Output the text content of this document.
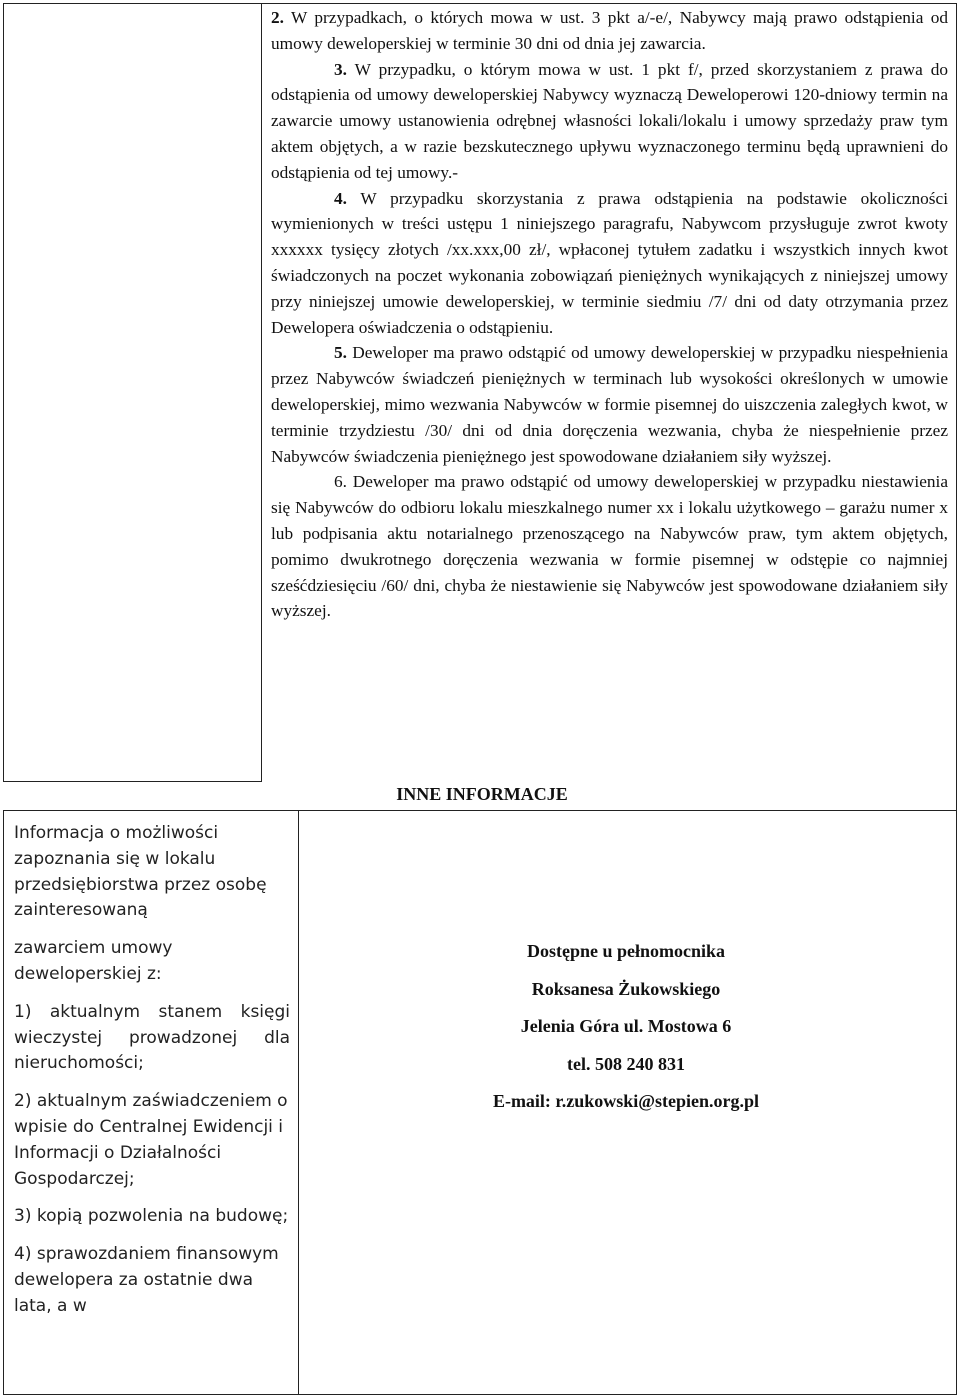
2. W przypadkach, o których mowa w ust. 3 pkt a/-e/, Nabywcy mają prawo odstąpienia od umowy deweloperskiej w terminie 30 dni od dnia jej zawarcia.

3. W przypadku, o którym mowa w ust. 1 pkt f/, przed skorzystaniem z prawa do odstąpienia od umowy deweloperskiej Nabywcy wyznaczą Deweloperowi 120-dniowy termin na zawarcie umowy ustanowienia odrębnej własności lokali/lokalu i umowy sprzedaży praw tym aktem objętych, a w razie bezskutecznego upływu wyznaczonego terminu będą uprawnieni do odstąpienia od tej umowy.-

4. W przypadku skorzystania z prawa odstąpienia na podstawie okoliczności wymienionych w treści ustępu 1 niniejszego paragrafu, Nabywcom przysługuje zwrot kwoty xxxxxx tysięcy złotych /xx.xxx,00 zł/, wpłaconej tytułem zadatku i wszystkich innych kwot świadczonych na poczet wykonania zobowiązań pieniężnych wynikających z niniejszej umowy przy niniejszej umowie deweloperskiej, w terminie siedmiu /7/ dni od daty otrzymania przez Dewelopera oświadczenia o odstąpieniu.

5. Deweloper ma prawo odstąpić od umowy deweloperskiej w przypadku niespełnienia przez Nabywców świadczeń pieniężnych w terminach lub wysokości określonych w umowie deweloperskiej, mimo wezwania Nabywców w formie pisemnej do uiszczenia zaległych kwot, w terminie trzydziestu /30/ dni od dnia doręczenia wezwania, chyba że niespełnienie przez Nabywców świadczenia pieniężnego jest spowodowane działaniem siły wyższej.

6. Deweloper ma prawo odstąpić od umowy deweloperskiej w przypadku niestawienia się Nabywców do odbioru lokalu mieszkalnego numer xx i lokalu użytkowego – garażu numer x lub podpisania aktu notarialnego przenoszącego na Nabywców praw, tym aktem objętych, pomimo dwukrotnego doręczenia wezwania w formie pisemnej w odstępie co najmniej sześćdziesięciu /60/ dni, chyba że niestawienie się Nabywców jest spowodowane działaniem siły wyższej.

INNE INFORMACJE
Informacja o możliwości zapoznania się w lokalu przedsiębiorstwa przez osobę zainteresowaną
zawarciem umowy deweloperskiej z:
1) aktualnym stanem księgi wieczystej prowadzonej dla nieruchomości;
2) aktualnym zaświadczeniem o wpisie do Centralnej Ewidencji i Informacji o Działalności Gospodarczej;
3) kopią pozwolenia na budowę;
4) sprawozdaniem finansowym dewelopera za ostatnie dwa lata, a w
Dostępne u pełnomocnika
Roksanesa Żukowskiego
Jelenia Góra ul. Mostowa 6
tel. 508 240 831
E-mail: r.zukowski@stepien.org.pl
